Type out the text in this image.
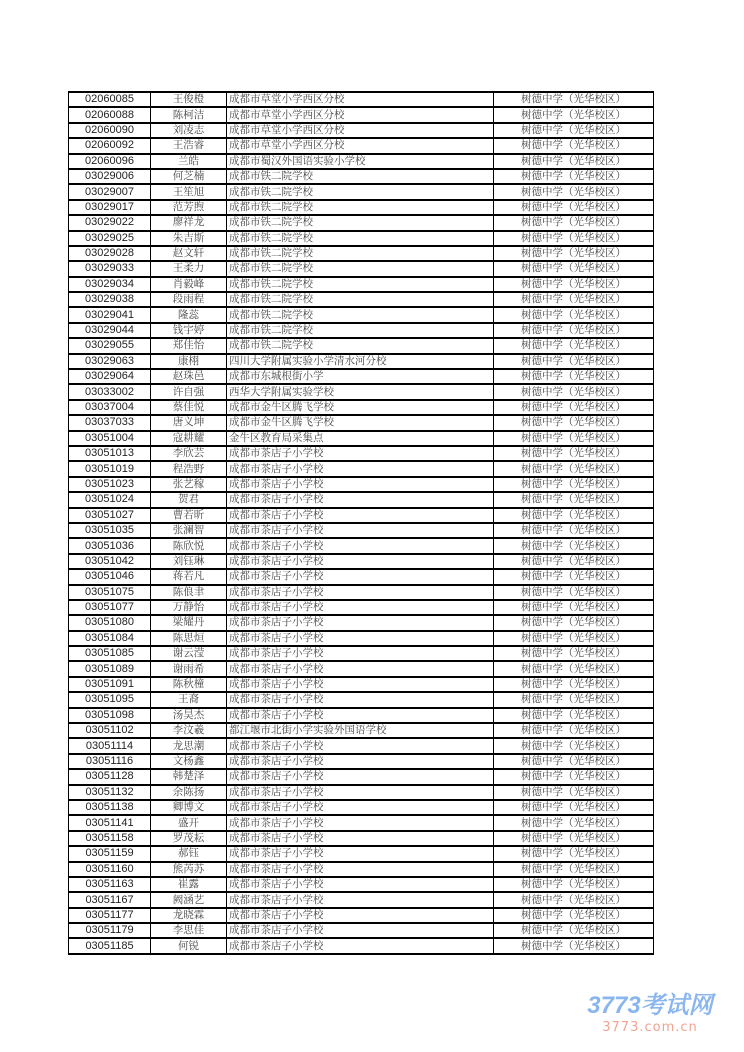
02060085	王俊橙	成都市草堂小学西区分校	树德中学（光华校区）
02060088	陈柯洁	成都市草堂小学西区分校	树德中学（光华校区）
02060090	刘凌志	成都市草堂小学西区分校	树德中学（光华校区）
02060092	王浩睿	成都市草堂小学西区分校	树德中学（光华校区）
02060096	兰皓	成都市蜀汉外国语实验小学校	树德中学（光华校区）
03029006	何芝楠	成都市铁二院学校	树德中学（光华校区）
03029007	王笙旭	成都市铁二院学校	树德中学（光华校区）
03029017	范芳煦	成都市铁二院学校	树德中学（光华校区）
03029022	廖祥龙	成都市铁二院学校	树德中学（光华校区）
03029025	朱吉斯	成都市铁二院学校	树德中学（光华校区）
03029028	赵文轩	成都市铁二院学校	树德中学（光华校区）
03029033	王柔力	成都市铁二院学校	树德中学（光华校区）
03029034	肖毅峰	成都市铁二院学校	树德中学（光华校区）
03029038	段雨程	成都市铁二院学校	树德中学（光华校区）
03029041	隆蕊	成都市铁二院学校	树德中学（光华校区）
03029044	钱宇婷	成都市铁二院学校	树德中学（光华校区）
03029055	郑佳怡	成都市铁二院学校	树德中学（光华校区）
03029063	康栩	四川大学附属实验小学清水河分校	树德中学（光华校区）
03029064	赵珠邑	成都市东城根街小学	树德中学（光华校区）
03033002	许自强	西华大学附属实验学校	树德中学（光华校区）
03037004	蔡佳悦	成都市金牛区腾飞学校	树德中学（光华校区）
03037033	唐义坤	成都市金牛区腾飞学校	树德中学（光华校区）
03051004	寇耕耀	金牛区教育局采集点	树德中学（光华校区）
03051013	李欣芸	成都市茶店子小学校	树德中学（光华校区）
03051019	程浩野	成都市茶店子小学校	树德中学（光华校区）
03051023	张艺稼	成都市茶店子小学校	树德中学（光华校区）
03051024	贺君	成都市茶店子小学校	树德中学（光华校区）
03051027	曹若昕	成都市茶店子小学校	树德中学（光华校区）
03051035	张澜智	成都市茶店子小学校	树德中学（光华校区）
03051036	陈欣悦	成都市茶店子小学校	树德中学（光华校区）
03051042	刘钰琳	成都市茶店子小学校	树德中学（光华校区）
03051046	蒋若凡	成都市茶店子小学校	树德中学（光华校区）
03051075	陈俍聿	成都市茶店子小学校	树德中学（光华校区）
03051077	万静怡	成都市茶店子小学校	树德中学（光华校区）
03051080	梁耀丹	成都市茶店子小学校	树德中学（光华校区）
03051084	陈思烜	成都市茶店子小学校	树德中学（光华校区）
03051085	谢云滢	成都市茶店子小学校	树德中学（光华校区）
03051089	谢雨希	成都市茶店子小学校	树德中学（光华校区）
03051091	陈秋橦	成都市茶店子小学校	树德中学（光华校区）
03051095	王裔	成都市茶店子小学校	树德中学（光华校区）
03051098	汤昊杰	成都市茶店子小学校	树德中学（光华校区）
03051102	李汶羲	都江堰市北街小学实验外国语学校	树德中学（光华校区）
03051114	龙思潮	成都市茶店子小学校	树德中学（光华校区）
03051116	文杨鑫	成都市茶店子小学校	树德中学（光华校区）
03051128	韩楚泽	成都市茶店子小学校	树德中学（光华校区）
03051132	余陈扬	成都市茶店子小学校	树德中学（光华校区）
03051138	卿博文	成都市茶店子小学校	树德中学（光华校区）
03051141	盛开	成都市茶店子小学校	树德中学（光华校区）
03051158	罗茂耘	成都市茶店子小学校	树德中学（光华校区）
03051159	郝钰	成都市茶店子小学校	树德中学（光华校区）
03051160	熊芮苏	成都市茶店子小学校	树德中学（光华校区）
03051163	崔露	成都市茶店子小学校	树德中学（光华校区）
03051167	阙涵艺	成都市茶店子小学校	树德中学（光华校区）
03051177	龙晓霖	成都市茶店子小学校	树德中学（光华校区）
03051179	李思佳	成都市茶店子小学校	树德中学（光华校区）
03051185	何锐	成都市茶店子小学校	树德中学（光华校区）
3773考试网
3773.com.cn
